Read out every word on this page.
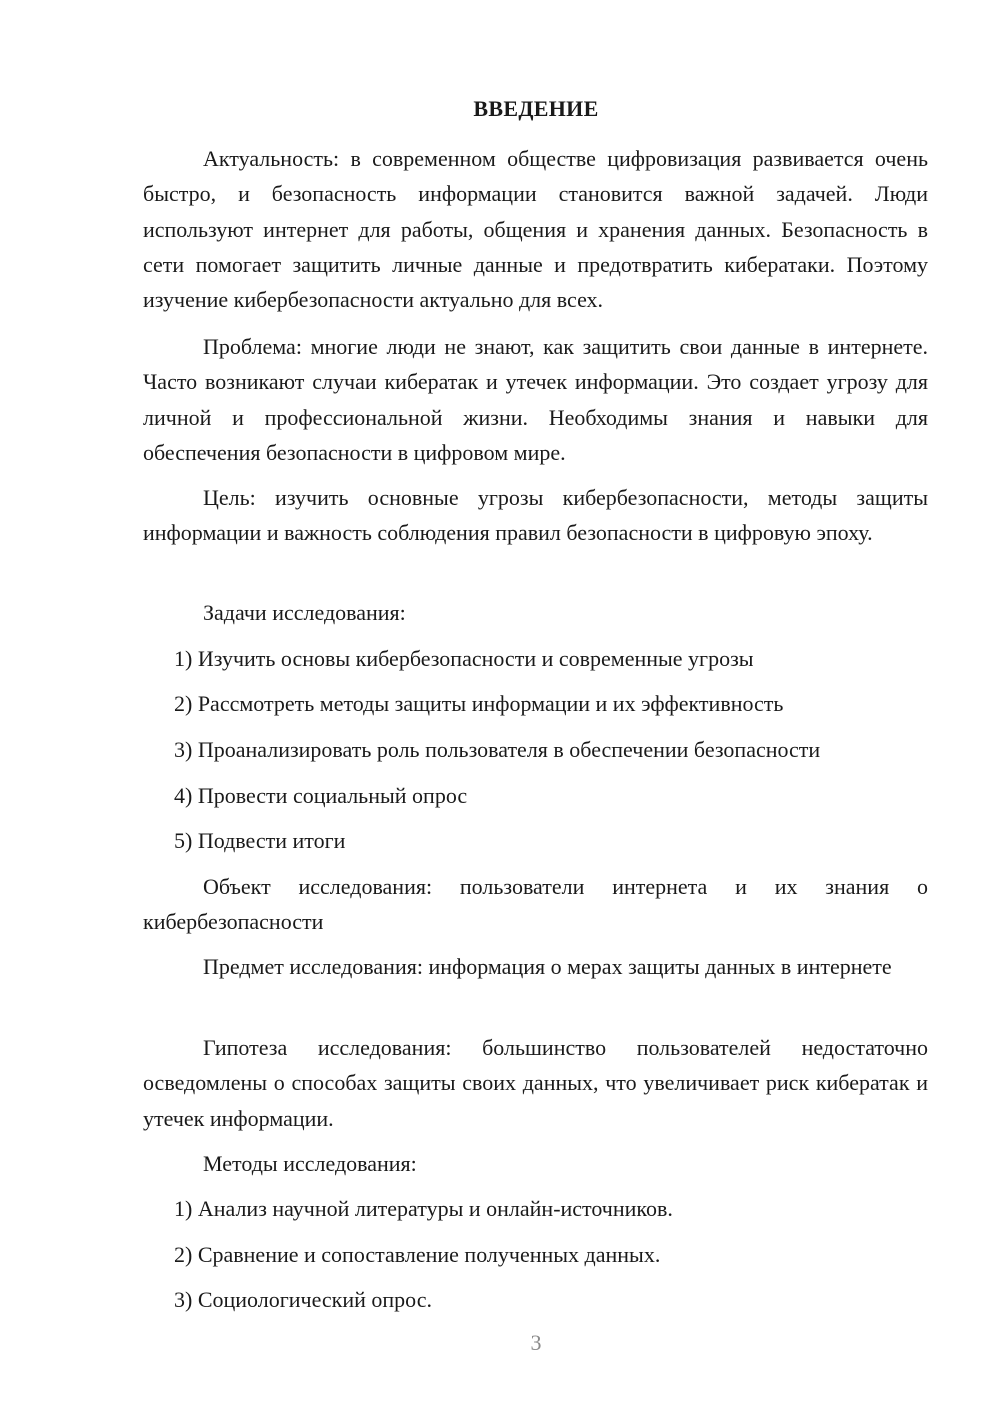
ВВЕДЕНИЕ

Актуальность: в современном обществе цифровизация развивается очень быстро, и безопасность информации становится важной задачей. Люди используют интернет для работы, общения и хранения данных. Безопасность в сети помогает защитить личные данные и предотвратить кибератаки. Поэтому изучение кибербезопасности актуально для всех.

Проблема: многие люди не знают, как защитить свои данные в интернете. Часто возникают случаи кибератак и утечек информации. Это создает угрозу для личной и профессиональной жизни. Необходимы знания и навыки для обеспечения безопасности в цифровом мире.

Цель: изучить основные угрозы кибербезопасности, методы защиты информации и важность соблюдения правил безопасности в цифровую эпоху.

Задачи исследования:

1) Изучить основы кибербезопасности и современные угрозы

2) Рассмотреть методы защиты информации и их эффективность

3) Проанализировать роль пользователя в обеспечении безопасности

4) Провести социальный опрос

5) Подвести итоги

Объект исследования: пользователи интернета и их знания о кибербезопасности

Предмет исследования: информация о мерах защиты данных в интернете

Гипотеза исследования: большинство пользователей недостаточно осведомлены о способах защиты своих данных, что увеличивает риск кибератак и утечек информации.

Методы исследования:

1) Анализ научной литературы и онлайн-источников.

2) Сравнение и сопоставление полученных данных.

3) Социологический опрос.

3
